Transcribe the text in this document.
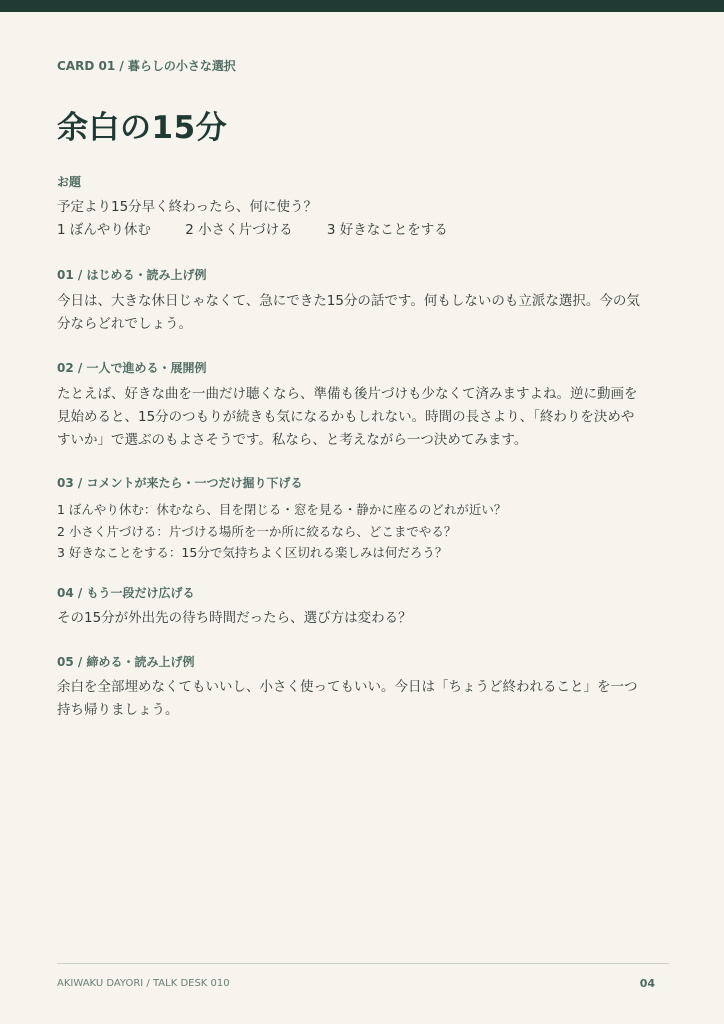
CARD 01 / 暮らしの小さな選択
余白の15分
お題
予定より15分早く終わったら、何に使う？
1 ぼんやり休む	2 小さく片づける	3 好きなことをする
01 / はじめる・読み上げ例
今日は、大きな休日じゃなくて、急にできた15分の話です。何もしないのも立派な選択。今の気
分ならどれでしょう。
02 / 一人で進める・展開例
たとえば、好きな曲を一曲だけ聴くなら、準備も後片づけも少なくて済みますよね。逆に動画を
見始めると、15分のつもりが続きも気になるかもしれない。時間の長さより、「終わりを決めや
すいか」で選ぶのもよさそうです。私なら、と考えながら一つ決めてみます。
03 / コメントが来たら・一つだけ掘り下げる
1 ぼんやり休む：休むなら、目を閉じる・窓を見る・静かに座るのどれが近い？
2 小さく片づける：片づける場所を一か所に絞るなら、どこまでやる？
3 好きなことをする：15分で気持ちよく区切れる楽しみは何だろう？
04 / もう一段だけ広げる
その15分が外出先の待ち時間だったら、選び方は変わる？
05 / 締める・読み上げ例
余白を全部埋めなくてもいいし、小さく使ってもいい。今日は「ちょうど終われること」を一つ
持ち帰りましょう。
AKIWAKU DAYORI / TALK DESK 010	04
